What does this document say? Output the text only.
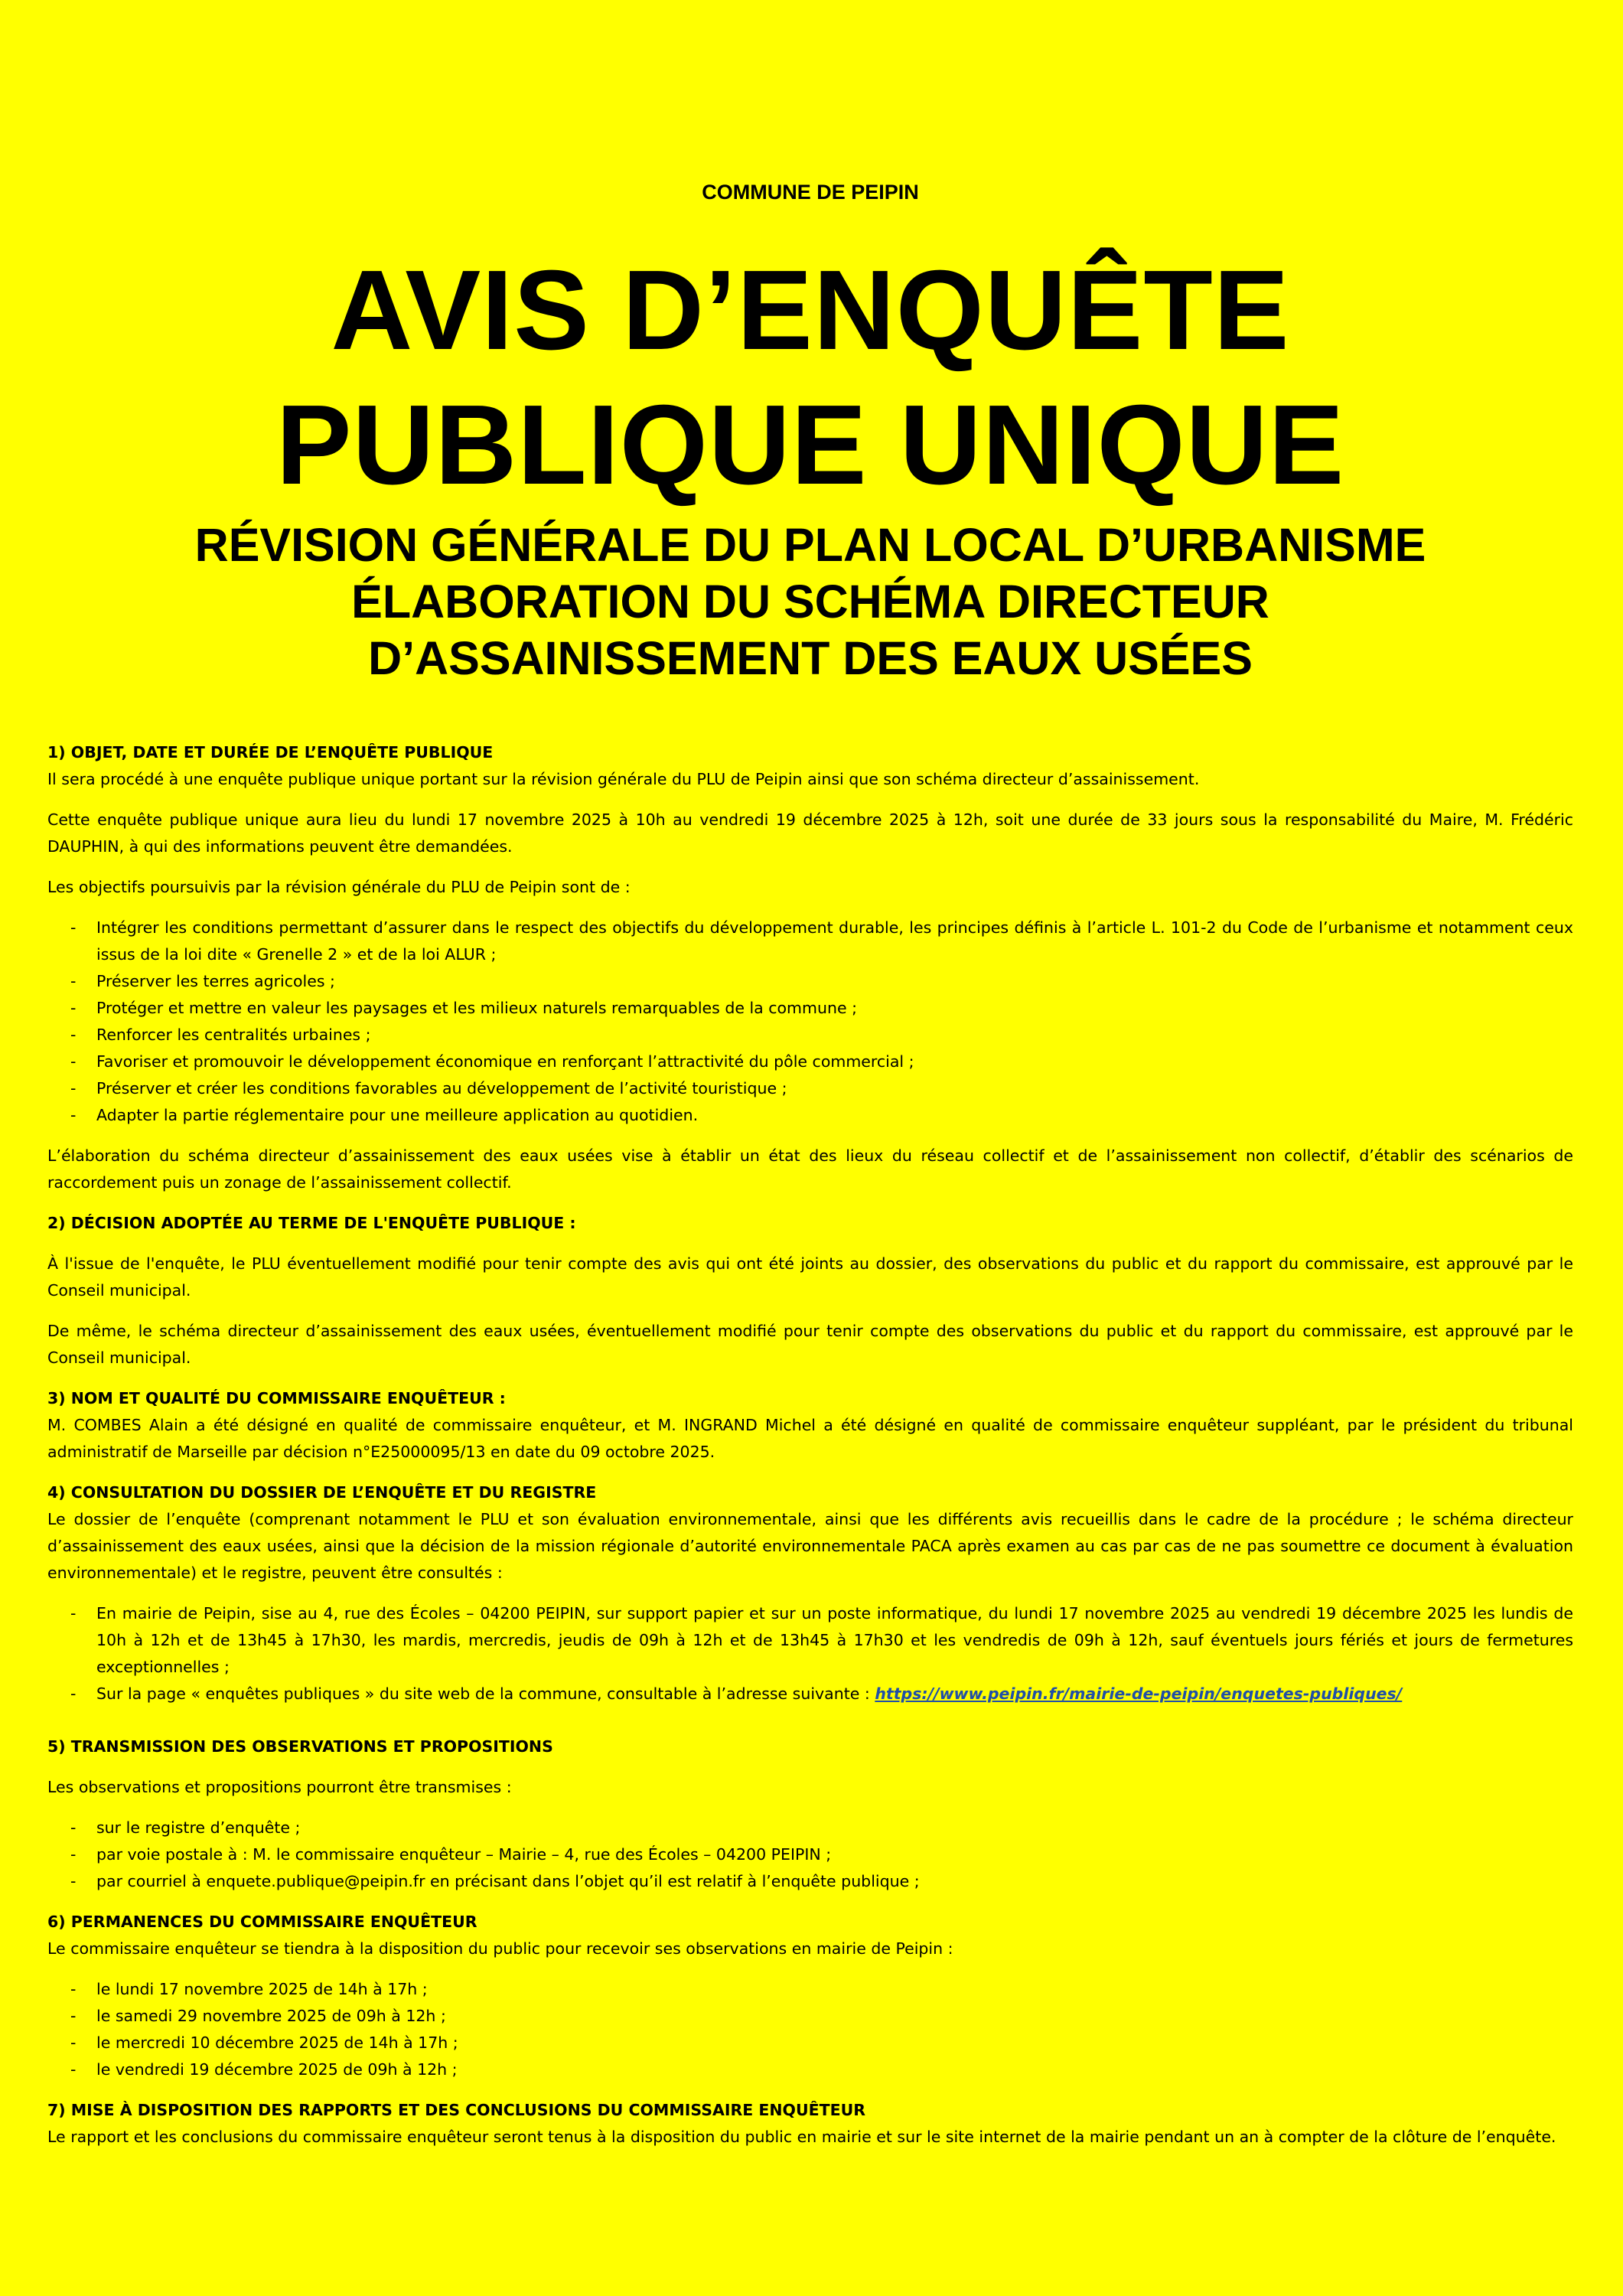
COMMUNE DE PEIPIN
AVIS D’ENQUÊTE
PUBLIQUE UNIQUE
RÉVISION GÉNÉRALE DU PLAN LOCAL D’URBANISME
ÉLABORATION DU SCHÉMA DIRECTEUR
D’ASSAINISSEMENT DES EAUX USÉES
1) OBJET, DATE ET DURÉE DE L’ENQUÊTE PUBLIQUE

Il sera procédé à une enquête publique unique portant sur la révision générale du PLU de Peipin ainsi que son schéma directeur d’assainissement.

Cette enquête publique unique aura lieu du lundi 17 novembre 2025 à 10h au vendredi 19 décembre 2025 à 12h, soit une durée de 33 jours sous la responsabilité du Maire, M. Frédéric DAUPHIN, à qui des informations peuvent être demandées.

Les objectifs poursuivis par la révision générale du PLU de Peipin sont de :

- Intégrer les conditions permettant d’assurer dans le respect des objectifs du développement durable, les principes définis à l’article L. 101-2 du Code de l’urbanisme et notamment ceux issus de la loi dite « Grenelle 2 » et de la loi ALUR ;
- Préserver les terres agricoles ;
- Protéger et mettre en valeur les paysages et les milieux naturels remarquables de la commune ;
- Renforcer les centralités urbaines ;
- Favoriser et promouvoir le développement économique en renforçant l’attractivité du pôle commercial ;
- Préserver et créer les conditions favorables au développement de l’activité touristique ;
- Adapter la partie réglementaire pour une meilleure application au quotidien.

L’élaboration du schéma directeur d’assainissement des eaux usées vise à établir un état des lieux du réseau collectif et de l’assainissement non collectif, d’établir des scénarios de raccordement puis un zonage de l’assainissement collectif.

2) DÉCISION ADOPTÉE AU TERME DE L'ENQUÊTE PUBLIQUE :

À l'issue de l'enquête, le PLU éventuellement modifié pour tenir compte des avis qui ont été joints au dossier, des observations du public et du rapport du commissaire, est approuvé par le Conseil municipal.

De même, le schéma directeur d’assainissement des eaux usées, éventuellement modifié pour tenir compte des observations du public et du rapport du commissaire, est approuvé par le Conseil municipal.

3) NOM ET QUALITÉ DU COMMISSAIRE ENQUÊTEUR :

M. COMBES Alain a été désigné en qualité de commissaire enquêteur, et M. INGRAND Michel a été désigné en qualité de commissaire enquêteur suppléant, par le président du tribunal administratif de Marseille par décision n°E25000095/13 en date du 09 octobre 2025.

4) CONSULTATION DU DOSSIER DE L’ENQUÊTE ET DU REGISTRE

Le dossier de l’enquête (comprenant notamment le PLU et son évaluation environnementale, ainsi que les différents avis recueillis dans le cadre de la procédure ; le schéma directeur d’assainissement des eaux usées, ainsi que la décision de la mission régionale d’autorité environnementale PACA après examen au cas par cas de ne pas soumettre ce document à évaluation environnementale) et le registre, peuvent être consultés :

- En mairie de Peipin, sise au 4, rue des Écoles – 04200 PEIPIN, sur support papier et sur un poste informatique, du lundi 17 novembre 2025 au vendredi 19 décembre 2025 les lundis de 10h à 12h et de 13h45 à 17h30, les mardis, mercredis, jeudis de 09h à 12h et de 13h45 à 17h30 et les vendredis de 09h à 12h, sauf éventuels jours fériés et jours de fermetures exceptionnelles ;
- Sur la page « enquêtes publiques » du site web de la commune, consultable à l’adresse suivante : https://www.peipin.fr/mairie-de-peipin/enquetes-publiques/
5) TRANSMISSION DES OBSERVATIONS ET PROPOSITIONS

Les observations et propositions pourront être transmises :

- sur le registre d’enquête ;
- par voie postale à : M. le commissaire enquêteur – Mairie – 4, rue des Écoles – 04200 PEIPIN ;
- par courriel à enquete.publique@peipin.fr en précisant dans l’objet qu’il est relatif à l’enquête publique ;
6) PERMANENCES DU COMMISSAIRE ENQUÊTEUR

Le commissaire enquêteur se tiendra à la disposition du public pour recevoir ses observations en mairie de Peipin :

- le lundi 17 novembre 2025 de 14h à 17h ;
- le samedi 29 novembre 2025 de 09h à 12h ;
- le mercredi 10 décembre 2025 de 14h à 17h ;
- le vendredi 19 décembre 2025 de 09h à 12h ;
7) MISE À DISPOSITION DES RAPPORTS ET DES CONCLUSIONS DU COMMISSAIRE ENQUÊTEUR

Le rapport et les conclusions du commissaire enquêteur seront tenus à la disposition du public en mairie et sur le site internet de la mairie pendant un an à compter de la clôture de l’enquête.
